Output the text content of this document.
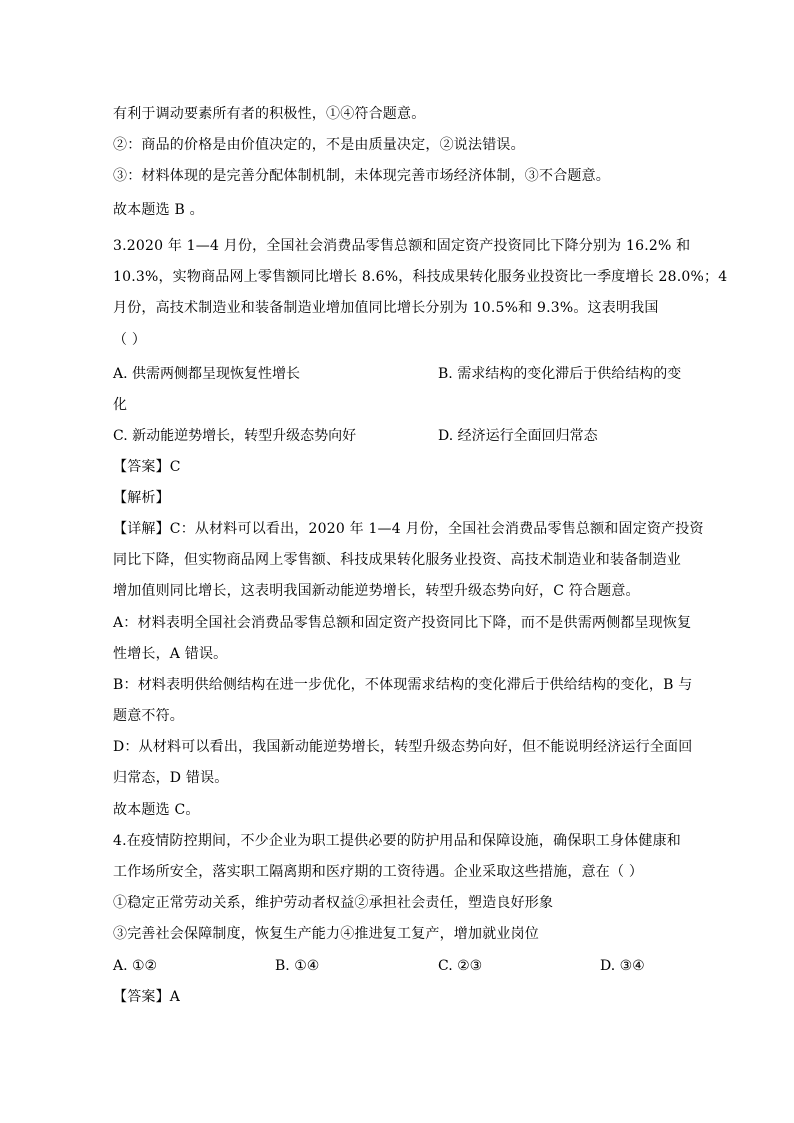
有利于调动要素所有者的积极性，①④符合题意。
②：商品的价格是由价值决定的，不是由质量决定，②说法错误。
③：材料体现的是完善分配体制机制，未体现完善市场经济体制，③不合题意。
故本题选 B 。
3.2020 年 1—4 月份，全国社会消费品零售总额和固定资产投资同比下降分别为 16.2% 和
10.3%，实物商品网上零售额同比增长 8.6%，科技成果转化服务业投资比一季度增长 28.0%；4
月份，高技术制造业和装备制造业增加值同比增长分别为 10.5%和 9.3%。这表明我国
（ ）
A. 供需两侧都呈现恢复性增长	B. 需求结构的变化滞后于供给结构的变
化
C. 新动能逆势增长，转型升级态势向好	D. 经济运行全面回归常态
【答案】C
【解析】
【详解】C：从材料可以看出，2020 年 1—4 月份，全国社会消费品零售总额和固定资产投资
同比下降，但实物商品网上零售额、科技成果转化服务业投资、高技术制造业和装备制造业
增加值则同比增长，这表明我国新动能逆势增长，转型升级态势向好，C 符合题意。
A：材料表明全国社会消费品零售总额和固定资产投资同比下降，而不是供需两侧都呈现恢复
性增长，A 错误。
B：材料表明供给侧结构在进一步优化，不体现需求结构的变化滞后于供给结构的变化，B 与
题意不符。
D：从材料可以看出，我国新动能逆势增长，转型升级态势向好，但不能说明经济运行全面回
归常态，D 错误。
故本题选 C。
4.在疫情防控期间，不少企业为职工提供必要的防护用品和保障设施，确保职工身体健康和
工作场所安全，落实职工隔离期和医疗期的工资待遇。企业采取这些措施，意在（ ）
①稳定正常劳动关系，维护劳动者权益②承担社会责任，塑造良好形象
③完善社会保障制度，恢复生产能力④推进复工复产，增加就业岗位
A. ①②	B. ①④	C. ②③	D. ③④
【答案】A
